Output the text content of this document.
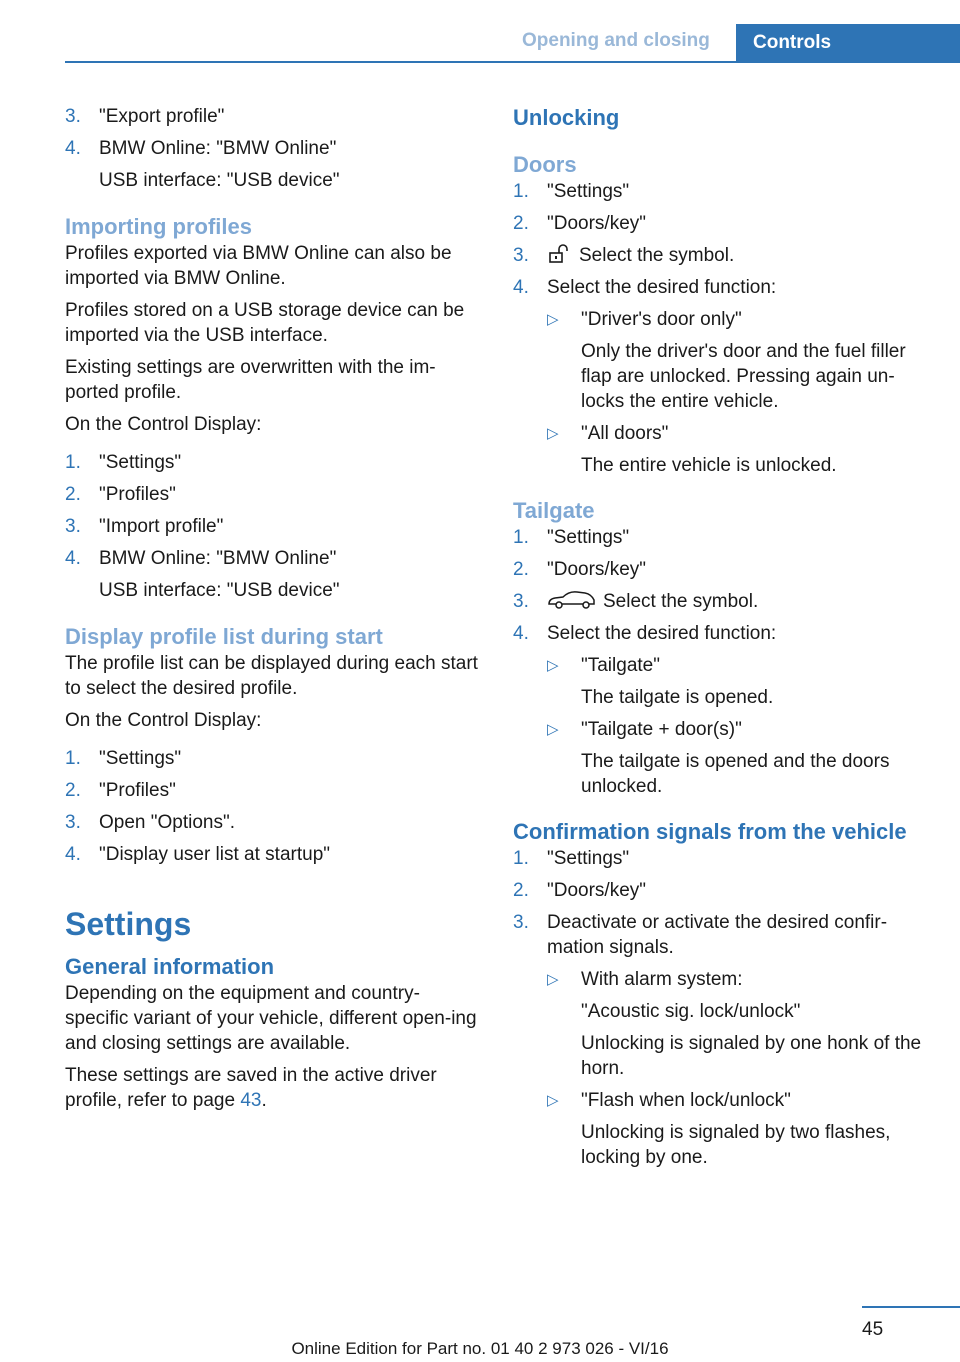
Opening and closing	Controls
3. "Export profile"
4. BMW Online: "BMW Online"
USB interface: "USB device"
Importing profiles

Profiles exported via BMW Online can also be imported via BMW Online.

Profiles stored on a USB storage device can be imported via the USB interface.

Existing settings are overwritten with the im‐ported profile.

On the Control Display:

1. "Settings"
2. "Profiles"
3. "Import profile"
4. BMW Online: "BMW Online"
USB interface: "USB device"
Display profile list during start

The profile list can be displayed during each start to select the desired profile.

On the Control Display:

1. "Settings"
2. "Profiles"
3. Open "Options".
4. "Display user list at startup"
Settings
General information

Depending on the equipment and country-specific variant of your vehicle, different open‐ing and closing settings are available.

These settings are saved in the active driver profile, refer to page 43.

Unlocking
Doors
1. "Settings"
2. "Doors/key"
3.	Select the symbol.
4. Select the desired function:
▷	"Driver's door only"
Only the driver's door and the fuel filler flap are unlocked. Pressing again un‐locks the entire vehicle.
▷	"All doors"
The entire vehicle is unlocked.
Tailgate
1. "Settings"
2. "Doors/key"
3.	Select the symbol.
4. Select the desired function:
▷	"Tailgate"
The tailgate is opened.
▷	"Tailgate + door(s)"
The tailgate is opened and the doors unlocked.
Confirmation signals from the vehicle
1. "Settings"
2. "Doors/key"
3. Deactivate or activate the desired confir‐mation signals.
▷	With alarm system:
"Acoustic sig. lock/unlock"
Unlocking is signaled by one honk of the horn.
▷	"Flash when lock/unlock"
Unlocking is signaled by two flashes, locking by one.
45
Online Edition for Part no. 01 40 2 973 026 - VI/16
